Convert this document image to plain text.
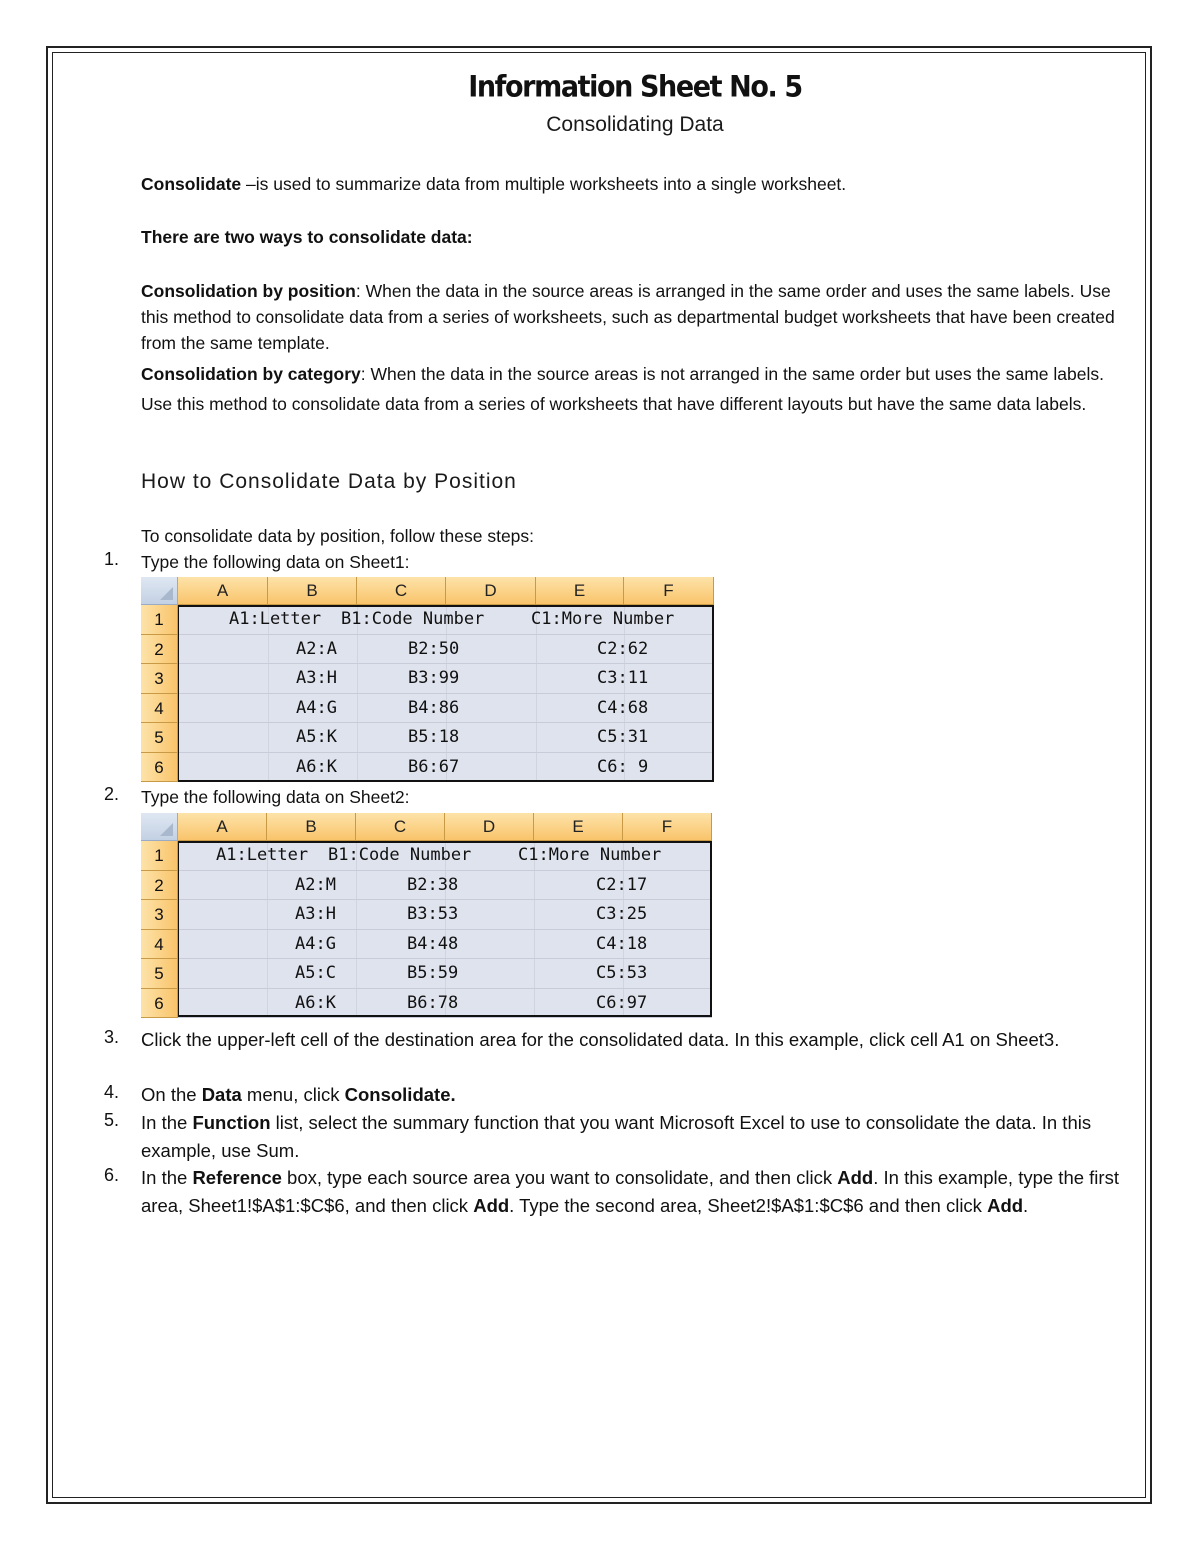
Information Sheet No. 5
Consolidating Data
Consolidate –is used to summarize data from multiple worksheets into a single worksheet.
There are two ways to consolidate data:
Consolidation by position: When the data in the source areas is arranged in the same order and uses the same labels. Use this method to consolidate data from a series of worksheets, such as departmental budget worksheets that have been created from the same template.
Consolidation by category: When the data in the source areas is not arranged in the same order but uses the same labels. Use this method to consolidate data from a series of worksheets that have different layouts but have the same data labels.
How to Consolidate Data by Position
To consolidate data by position, follow these steps:
1. Type the following data on Sheet1:
A	B	C	D	E	F
1	A1:Letter B1:Code Number	C1:More Number
2	A2:A	B2:50	C2:62
3	A3:H	B3:99	C3:11
4	A4:G	B4:86	C4:68
5	A5:K	B5:18	C5:31
6	A6:K	B6:67	C6: 9
2. Type the following data on Sheet2:
A	B	C	D	E	F
1	A1:Letter B1:Code Number	C1:More Number
2	A2:M	B2:38	C2:17
3	A3:H	B3:53	C3:25
4	A4:G	B4:48	C4:18
5	A5:C	B5:59	C5:53
6	A6:K	B6:78	C6:97
3. Click the upper-left cell of the destination area for the consolidated data. In this example, click cell A1 on Sheet3.
4. On the Data menu, click Consolidate.
5. In the Function list, select the summary function that you want Microsoft Excel to use to consolidate the data. In this example, use Sum.
6. In the Reference box, type each source area you want to consolidate, and then click Add. In this example, type the first area, Sheet1!$A$1:$C$6, and then click Add. Type the second area, Sheet2!$A$1:$C$6 and then click Add.
